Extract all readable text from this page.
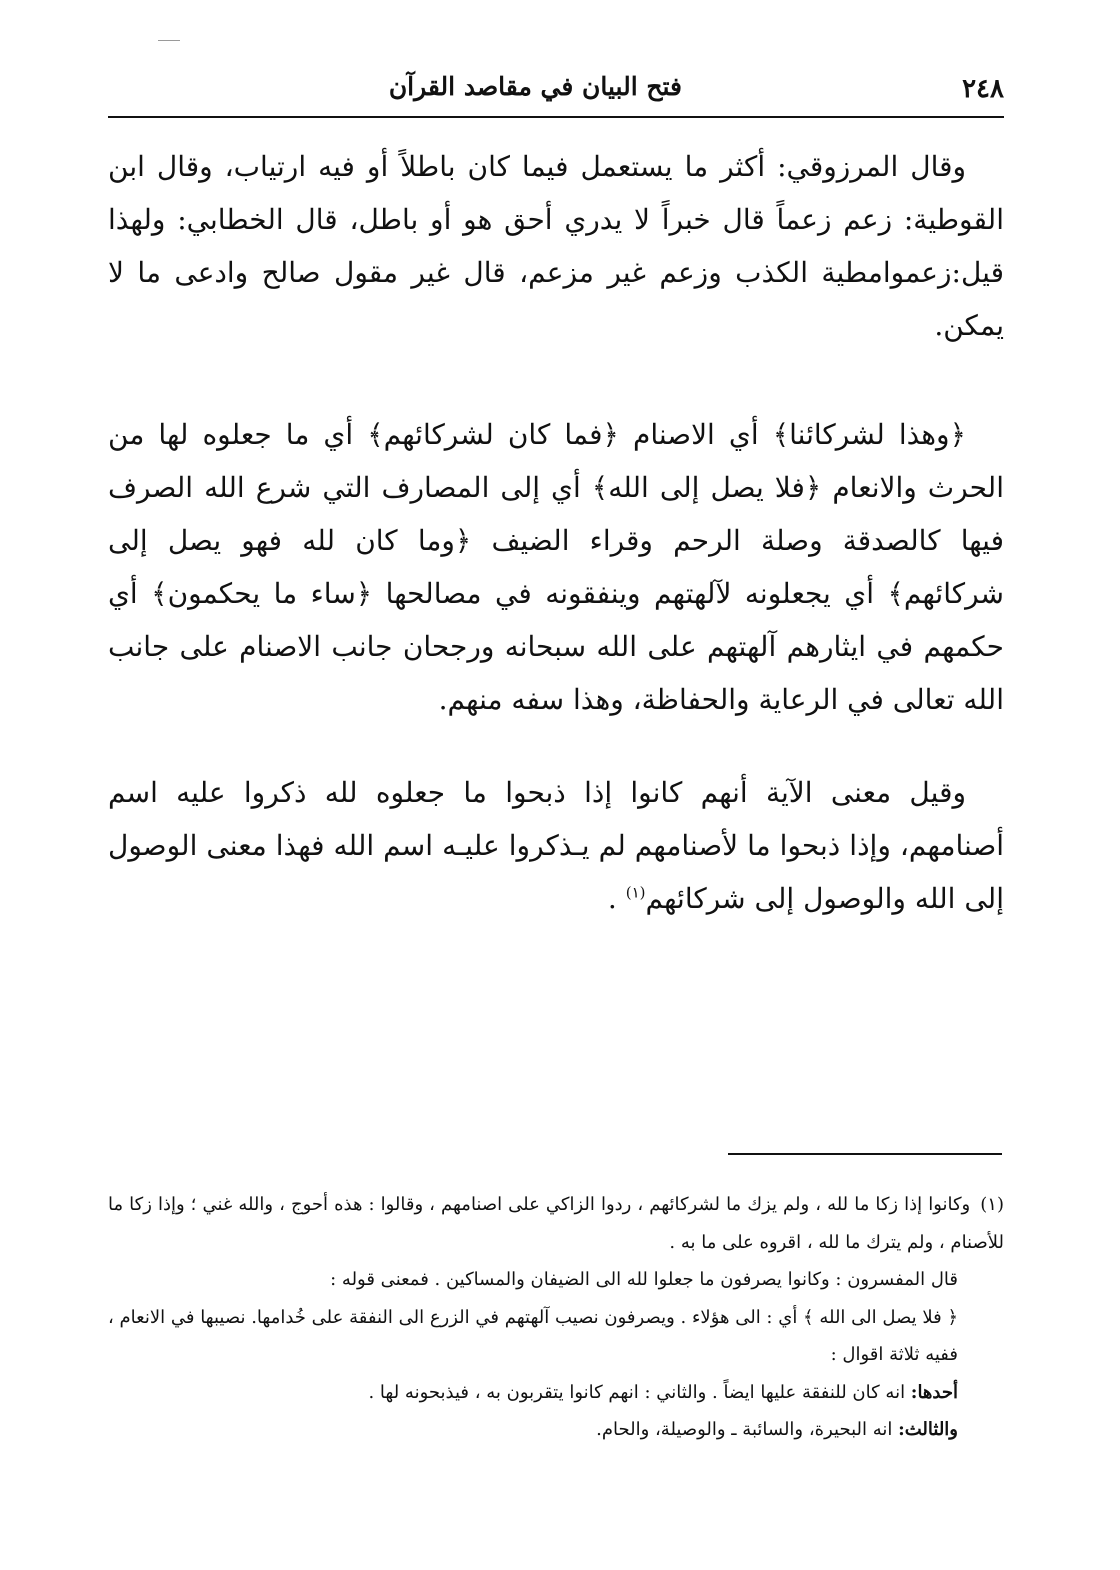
٢٤٨
فتح البيان في مقاصد القرآن

وقال المرزوقي: أكثر ما يستعمل فيما كان باطلاً أو فيه ارتياب، وقال ابن القوطية: زعم زعماً قال خبراً لا يدري أحق هو أو باطل، قال الخطابي: ولهذا قيل:زعموامطية الكذب وزعم غير مزعم، قال غير مقول صالح وادعى ما لا يمكن.

﴿وهذا لشركائنا﴾ أي الاصنام ﴿فما كان لشركائهم﴾ أي ما جعلوه لها من الحرث والانعام ﴿فلا يصل إلى الله﴾ أي إلى المصارف التي شرع الله الصرف فيها كالصدقة وصلة الرحم وقراء الضيف ﴿وما كان لله فهو يصل إلى شركائهم﴾ أي يجعلونه لآلهتهم وينفقونه في مصالحها ﴿ساء ما يحكمون﴾ أي حكمهم في ايثارهم آلهتهم على الله سبحانه ورجحان جانب الاصنام على جانب الله تعالى في الرعاية والحفاظة، وهذا سفه منهم.

وقيل معنى الآية أنهم كانوا إذا ذبحوا ما جعلوه لله ذكروا عليه اسم أصنامهم، وإذا ذبحوا ما لأصنامهم لم يـذكروا عليـه اسم الله فهذا معنى الوصول إلى الله والوصول إلى شركائهم$^{(١)}$ .

(١)وكانوا إذا زكا ما لله ، ولم يزك ما لشركائهم ، ردوا الزاكي على اصنامهم ، وقالوا : هذه أحوج ، والله غني ؛ وإذا زكا ما للأصنام ، ولم يترك ما لله ، اقروه على ما به .

قال المفسرون : وكانوا يصرفون ما جعلوا لله الى الضيفان والمساكين . فمعنى قوله :

﴿ فلا يصل الى الله ﴾ أي : الى هؤلاء . ويصرفون نصيب آلهتهم في الزرع الى النفقة على خُدامها. نصيبها في الانعام ، ففيه ثلاثة اقوال :

أحدها: انه كان للنفقة عليها ايضاً . والثاني : انهم كانوا يتقربون به ، فيذبحونه لها .

والثالث: انه البحيرة، والسائبة ـ والوصيلة، والحام.
